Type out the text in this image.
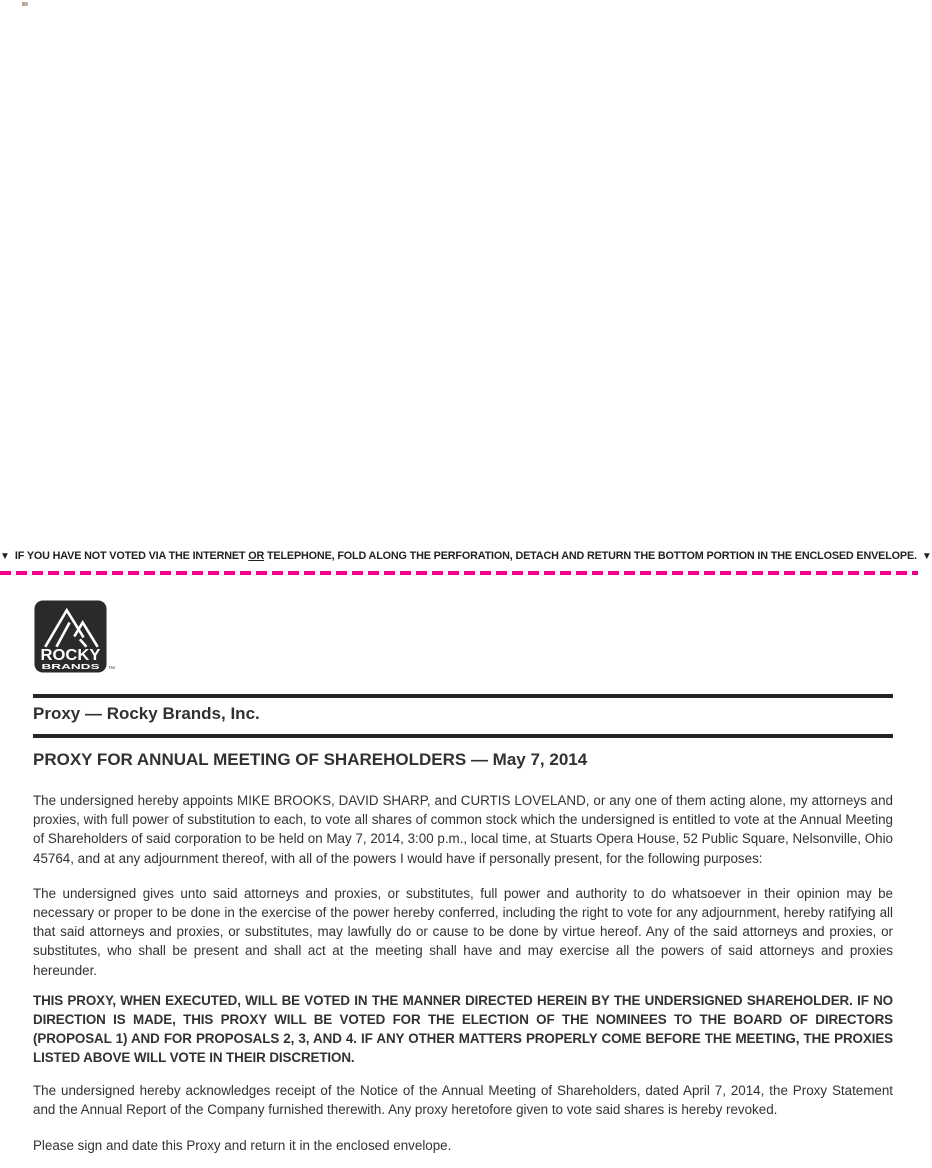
▼ IF YOU HAVE NOT VOTED VIA THE INTERNET OR TELEPHONE, FOLD ALONG THE PERFORATION, DETACH AND RETURN THE BOTTOM PORTION IN THE ENCLOSED ENVELOPE. ▼
ROCKY
BRANDS ™
Proxy — Rocky Brands, Inc.
PROXY FOR ANNUAL MEETING OF SHAREHOLDERS — May 7, 2014

The undersigned hereby appoints MIKE BROOKS, DAVID SHARP, and CURTIS LOVELAND, or any one of them acting alone, my attorneys and proxies, with full power of substitution to each, to vote all shares of common stock which the undersigned is entitled to vote at the Annual Meeting of Shareholders of said corporation to be held on May 7, 2014, 3:00 p.m., local time, at Stuarts Opera House, 52 Public Square, Nelsonville, Ohio 45764, and at any adjournment thereof, with all of the powers I would have if personally present, for the following purposes:

The undersigned gives unto said attorneys and proxies, or substitutes, full power and authority to do whatsoever in their opinion may be necessary or proper to be done in the exercise of the power hereby conferred, including the right to vote for any adjournment, hereby ratifying all that said attorneys and proxies, or substitutes, may lawfully do or cause to be done by virtue hereof. Any of the said attorneys and proxies, or substitutes, who shall be present and shall act at the meeting shall have and may exercise all the powers of said attorneys and proxies hereunder.

THIS PROXY, WHEN EXECUTED, WILL BE VOTED IN THE MANNER DIRECTED HEREIN BY THE UNDERSIGNED SHAREHOLDER. IF NO DIRECTION IS MADE, THIS PROXY WILL BE VOTED FOR THE ELECTION OF THE NOMINEES TO THE BOARD OF DIRECTORS (PROPOSAL 1) AND FOR PROPOSALS 2, 3, AND 4. IF ANY OTHER MATTERS PROPERLY COME BEFORE THE MEETING, THE PROXIES LISTED ABOVE WILL VOTE IN THEIR DISCRETION.

The undersigned hereby acknowledges receipt of the Notice of the Annual Meeting of Shareholders, dated April 7, 2014, the Proxy Statement and the Annual Report of the Company furnished therewith. Any proxy heretofore given to vote said shares is hereby revoked.

Please sign and date this Proxy and return it in the enclosed envelope.
